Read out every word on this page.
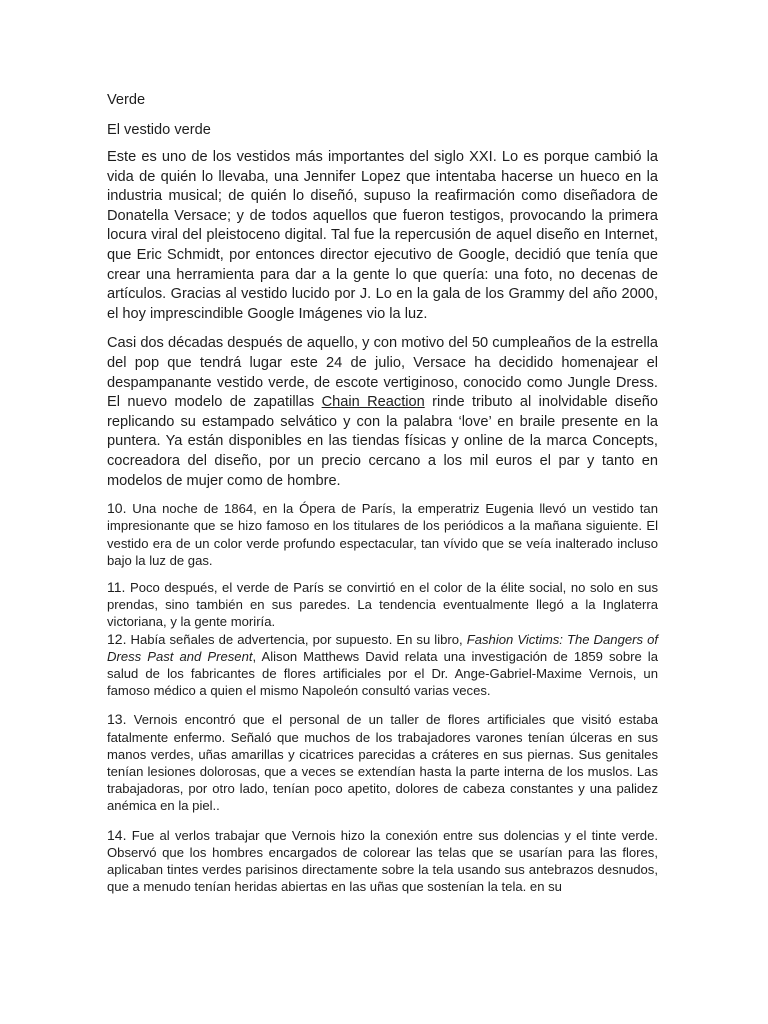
Verde
El vestido verde

Este es uno de los vestidos más importantes del siglo XXI. Lo es porque cambió la vida de quién lo llevaba, una Jennifer Lopez que intentaba hacerse un hueco en la industria musical; de quién lo diseñó, supuso la reafirmación como diseñadora de Donatella Versace; y de todos aquellos que fueron testigos, provocando la primera locura viral del pleistoceno digital. Tal fue la repercusión de aquel diseño en Internet, que Eric Schmidt, por entonces director ejecutivo de Google, decidió que tenía que crear una herramienta para dar a la gente lo que quería: una foto, no decenas de artículos. Gracias al vestido lucido por J. Lo en la gala de los Grammy del año 2000, el hoy imprescindible Google Imágenes vio la luz.

Casi dos décadas después de aquello, y con motivo del 50 cumpleaños de la estrella del pop que tendrá lugar este 24 de julio, Versace ha decidido homenajear el despampanante vestido verde, de escote vertiginoso, conocido como Jungle Dress. El nuevo modelo de zapatillas Chain Reaction rinde tributo al inolvidable diseño replicando su estampado selvático y con la palabra ‘love’ en braile presente en la puntera. Ya están disponibles en las tiendas físicas y online de la marca Concepts, cocreadora del diseño, por un precio cercano a los mil euros el par y tanto en modelos de mujer como de hombre.

10. Una noche de 1864, en la Ópera de París, la emperatriz Eugenia llevó un vestido tan impresionante que se hizo famoso en los titulares de los periódicos a la mañana siguiente. El vestido era de un color verde profundo espectacular, tan vívido que se veía inalterado incluso bajo la luz de gas.

11. Poco después, el verde de París se convirtió en el color de la élite social, no solo en sus prendas, sino también en sus paredes. La tendencia eventualmente llegó a la Inglaterra victoriana, y la gente moriría.

12. Había señales de advertencia, por supuesto. En su libro, Fashion Victims: The Dangers of Dress Past and Present, Alison Matthews David relata una investigación de 1859 sobre la salud de los fabricantes de flores artificiales por el Dr. Ange-Gabriel-Maxime Vernois, un famoso médico a quien el mismo Napoleón consultó varias veces.

13. Vernois encontró que el personal de un taller de flores artificiales que visitó estaba fatalmente enfermo. Señaló que muchos de los trabajadores varones tenían úlceras en sus manos verdes, uñas amarillas y cicatrices parecidas a cráteres en sus piernas. Sus genitales tenían lesiones dolorosas, que a veces se extendían hasta la parte interna de los muslos. Las trabajadoras, por otro lado, tenían poco apetito, dolores de cabeza constantes y una palidez anémica en la piel..

14. Fue al verlos trabajar que Vernois hizo la conexión entre sus dolencias y el tinte verde. Observó que los hombres encargados de colorear las telas que se usarían para las flores, aplicaban tintes verdes parisinos directamente sobre la tela usando sus antebrazos desnudos, que a menudo tenían heridas abiertas en las uñas que sostenían la tela. en su
